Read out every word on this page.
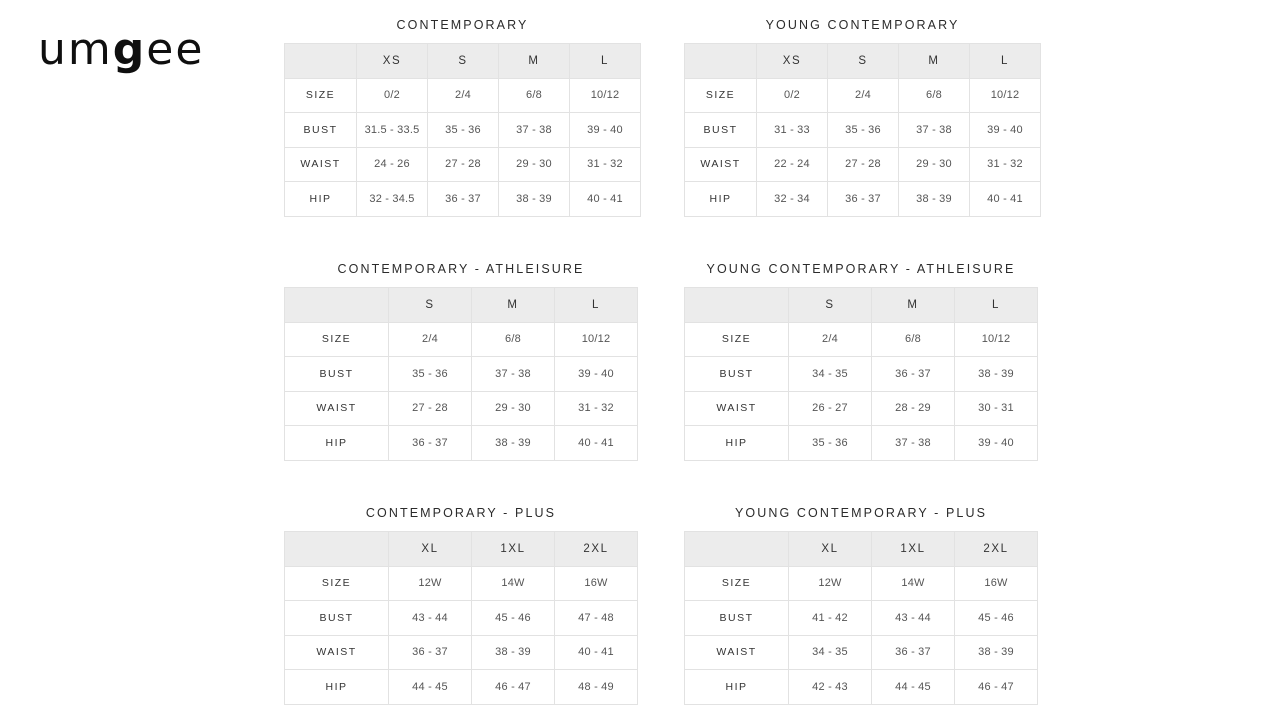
umgee	CONTEMPORARY
	XS	S	M	L
SIZE	0/2	2/4	6/8	10/12
BUST	31.5 - 33.5	35 - 36	37 - 38	39 - 40
WAIST	24 - 26	27 - 28	29 - 30	31 - 32
HIP	32 - 34.5	36 - 37	38 - 39	40 - 41
YOUNG CONTEMPORARY
	XS	S	M	L
SIZE	0/2	2/4	6/8	10/12
BUST	31 - 33	35 - 36	37 - 38	39 - 40
WAIST	22 - 24	27 - 28	29 - 30	31 - 32
HIP	32 - 34	36 - 37	38 - 39	40 - 41
CONTEMPORARY - ATHLEISURE
	S	M	L
SIZE	2/4	6/8	10/12
BUST	35 - 36	37 - 38	39 - 40
WAIST	27 - 28	29 - 30	31 - 32
HIP	36 - 37	38 - 39	40 - 41
YOUNG CONTEMPORARY - ATHLEISURE
	S	M	L
SIZE	2/4	6/8	10/12
BUST	34 - 35	36 - 37	38 - 39
WAIST	26 - 27	28 - 29	30 - 31
HIP	35 - 36	37 - 38	39 - 40
CONTEMPORARY - PLUS
	XL	1XL	2XL
SIZE	12W	14W	16W
BUST	43 - 44	45 - 46	47 - 48
WAIST	36 - 37	38 - 39	40 - 41
HIP	44 - 45	46 - 47	48 - 49
YOUNG CONTEMPORARY - PLUS
	XL	1XL	2XL
SIZE	12W	14W	16W
BUST	41 - 42	43 - 44	45 - 46
WAIST	34 - 35	36 - 37	38 - 39
HIP	42 - 43	44 - 45	46 - 47
